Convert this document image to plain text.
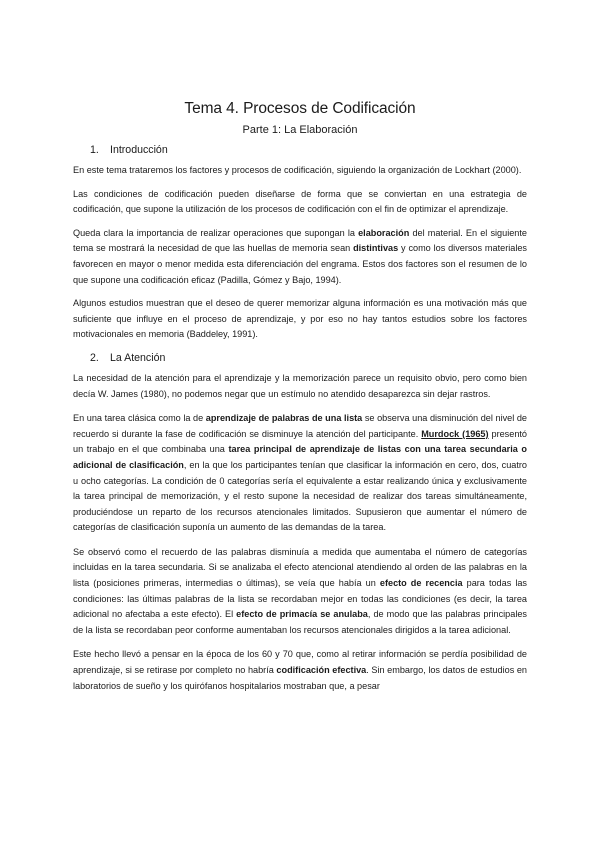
Tema 4. Procesos de Codificación
Parte 1: La Elaboración
1.	Introducción

En este tema trataremos los factores y procesos de codificación, siguiendo la organización de Lockhart (2000).

Las condiciones de codificación pueden diseñarse de forma que se conviertan en una estrategia de codificación, que supone la utilización de los procesos de codificación con el fin de optimizar el aprendizaje.

Queda clara la importancia de realizar operaciones que supongan la elaboración del material. En el siguiente tema se mostrará la necesidad de que las huellas de memoria sean distintivas y como los diversos materiales favorecen en mayor o menor medida esta diferenciación del engrama. Estos dos factores son el resumen de lo que supone una codificación eficaz (Padilla, Gómez y Bajo, 1994).

Algunos estudios muestran que el deseo de querer memorizar alguna información es una motivación más que suficiente que influye en el proceso de aprendizaje, y por eso no hay tantos estudios sobre los factores motivacionales en memoria (Baddeley, 1991).

2.	La Atención

La necesidad de la atención para el aprendizaje y la memorización parece un requisito obvio, pero como bien decía W. James (1980), no podemos negar que un estímulo no atendido desaparezca sin dejar rastros.

En una tarea clásica como la de aprendizaje de palabras de una lista se observa una disminución del nivel de recuerdo si durante la fase de codificación se disminuye la atención del participante. Murdock (1965) presentó un trabajo en el que combinaba una tarea principal de aprendizaje de listas con una tarea secundaria o adicional de clasificación, en la que los participantes tenían que clasificar la información en cero, dos, cuatro u ocho categorías. La condición de 0 categorías sería el equivalente a estar realizando única y exclusivamente la tarea principal de memorización, y el resto supone la necesidad de realizar dos tareas simultáneamente, produciéndose un reparto de los recursos atencionales limitados. Supusieron que aumentar el número de categorías de clasificación suponía un aumento de las demandas de la tarea.

Se observó como el recuerdo de las palabras disminuía a medida que aumentaba el número de categorías incluidas en la tarea secundaria. Si se analizaba el efecto atencional atendiendo al orden de las palabras en la lista (posiciones primeras, intermedias o últimas), se veía que había un efecto de recencia para todas las condiciones: las últimas palabras de la lista se recordaban mejor en todas las condiciones (es decir, la tarea adicional no afectaba a este efecto). El efecto de primacía se anulaba, de modo que las palabras principales de la lista se recordaban peor conforme aumentaban los recursos atencionales dirigidos a la tarea adicional.

Este hecho llevó a pensar en la época de los 60 y 70 que, como al retirar información se perdía posibilidad de aprendizaje, si se retirase por completo no habría codificación efectiva. Sin embargo, los datos de estudios en laboratorios de sueño y los quirófanos hospitalarios mostraban que, a pesar
